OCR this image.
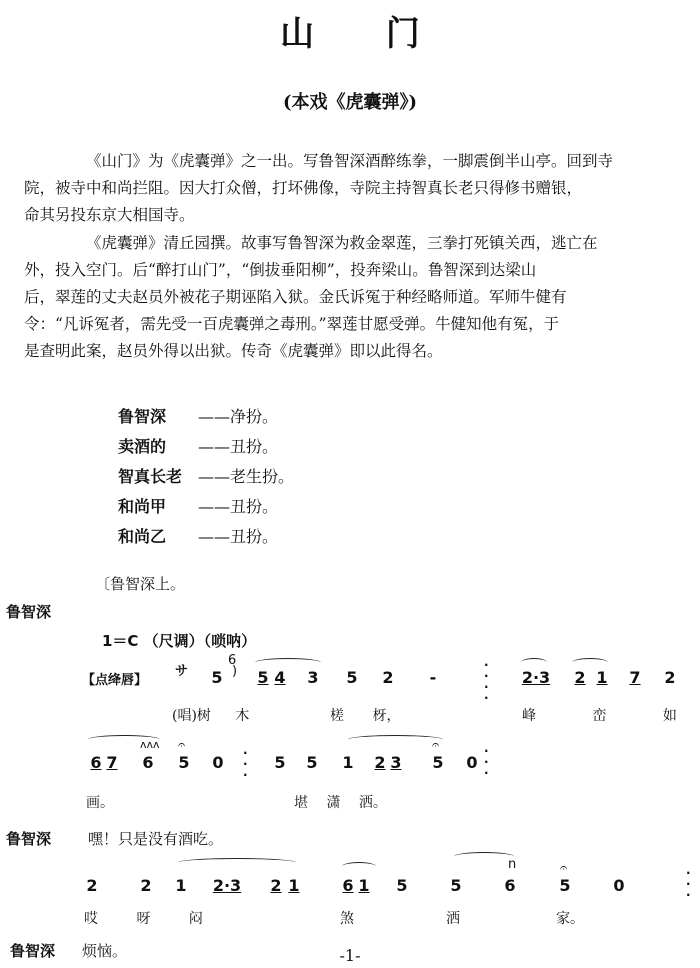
山 门
(本戏《虎囊弹》)
《山门》为《虎囊弹》之一出。写鲁智深酒醉练拳，一脚震倒半山亭。回到寺
院，被寺中和尚拦阻。因大打众僧，打坏佛像，寺院主持智真长老只得修书赠银，
命其另投东京大相国寺。
《虎囊弹》清丘园撰。故事写鲁智深为救金翠莲，三拳打死镇关西，逃亡在
外，投入空门。后“醉打山门”，“倒拔垂阳柳”，投奔梁山。鲁智深到达梁山
后，翠莲的丈夫赵员外被花子期诬陷入狱。金氏诉冤于种经略师道。军师牛健有
令：“凡诉冤者，需先受一百虎囊弹之毒刑。”翠莲甘愿受弹。牛健知他有冤，于
是查明此案，赵员外得以出狱。传奇《虎囊弹》即以此得名。
鲁智深	——净扮。
卖酒的	——丑扮。
智真长老 ——老生扮。
和尚甲	——丑扮。
和尚乙	——丑扮。
〔鲁智深上。
鲁智深
1＝C （尺调）（唢呐）
【点绛唇】
サ
6
)
5 5 4 3 5 2	-
·
·
·
·
2·3 2 1 7 2
(唱)树 木	槎 枒，	峰 峦 如
ʌʌʌ 𝄐
6 7 6 5 0	·
·
·
5 5 1 2 3
𝄐
5 0
·
·
·
画。	堪 潇 洒。
鲁智深 嘿！只是没有酒吃。
n	𝄐
2	2 1 2·3 2 1	6 1 5	5	6	5	0
·
·
·
哎 呀 闷	煞	洒	家。
鲁智深 烦恼。	-1-
